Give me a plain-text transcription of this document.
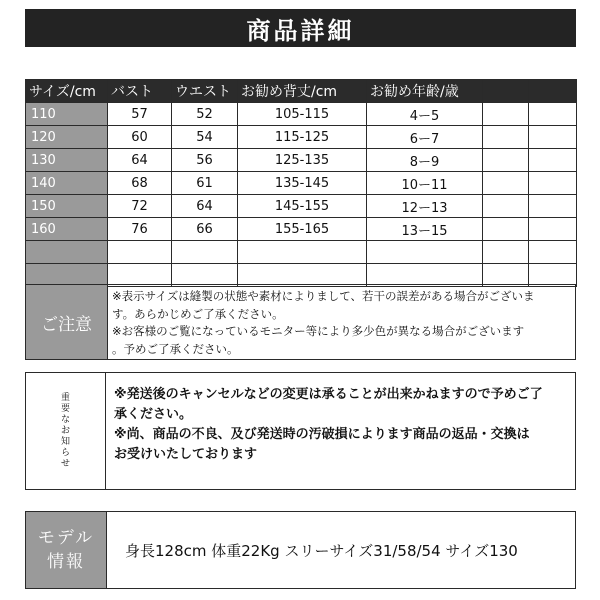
商品詳細
サイズ/cm	バスト	ウエスト	お勧め背丈/cm	お勧め年齢/歳		
110	57	52	105-115	4ー5		
120	60	54	115-125	6ー7		
130	64	56	125-135	8ー9		
140	68	61	135-145	10ー11		
150	72	64	145-155	12ー13		
160	76	66	155-165	13ー15		

ご注意
※表示サイズは縫製の状態や素材によりまして、若干の誤差がある場合がございま
す。あらかじめご了承ください。
※お客様のご覧になっているモニター等により多少色が異なる場合がございます
。予めご了承ください。
重
要
な
お
知
ら
せ
※発送後のキャンセルなどの変更は承ることが出来かねますので予めご了
承ください。
※尚、商品の不良、及び発送時の汚破損によります商品の返品・交換は
お受けいたしております
モデル
情報
身長128cm 体重22Kg スリーサイズ31/58/54 サイズ130
